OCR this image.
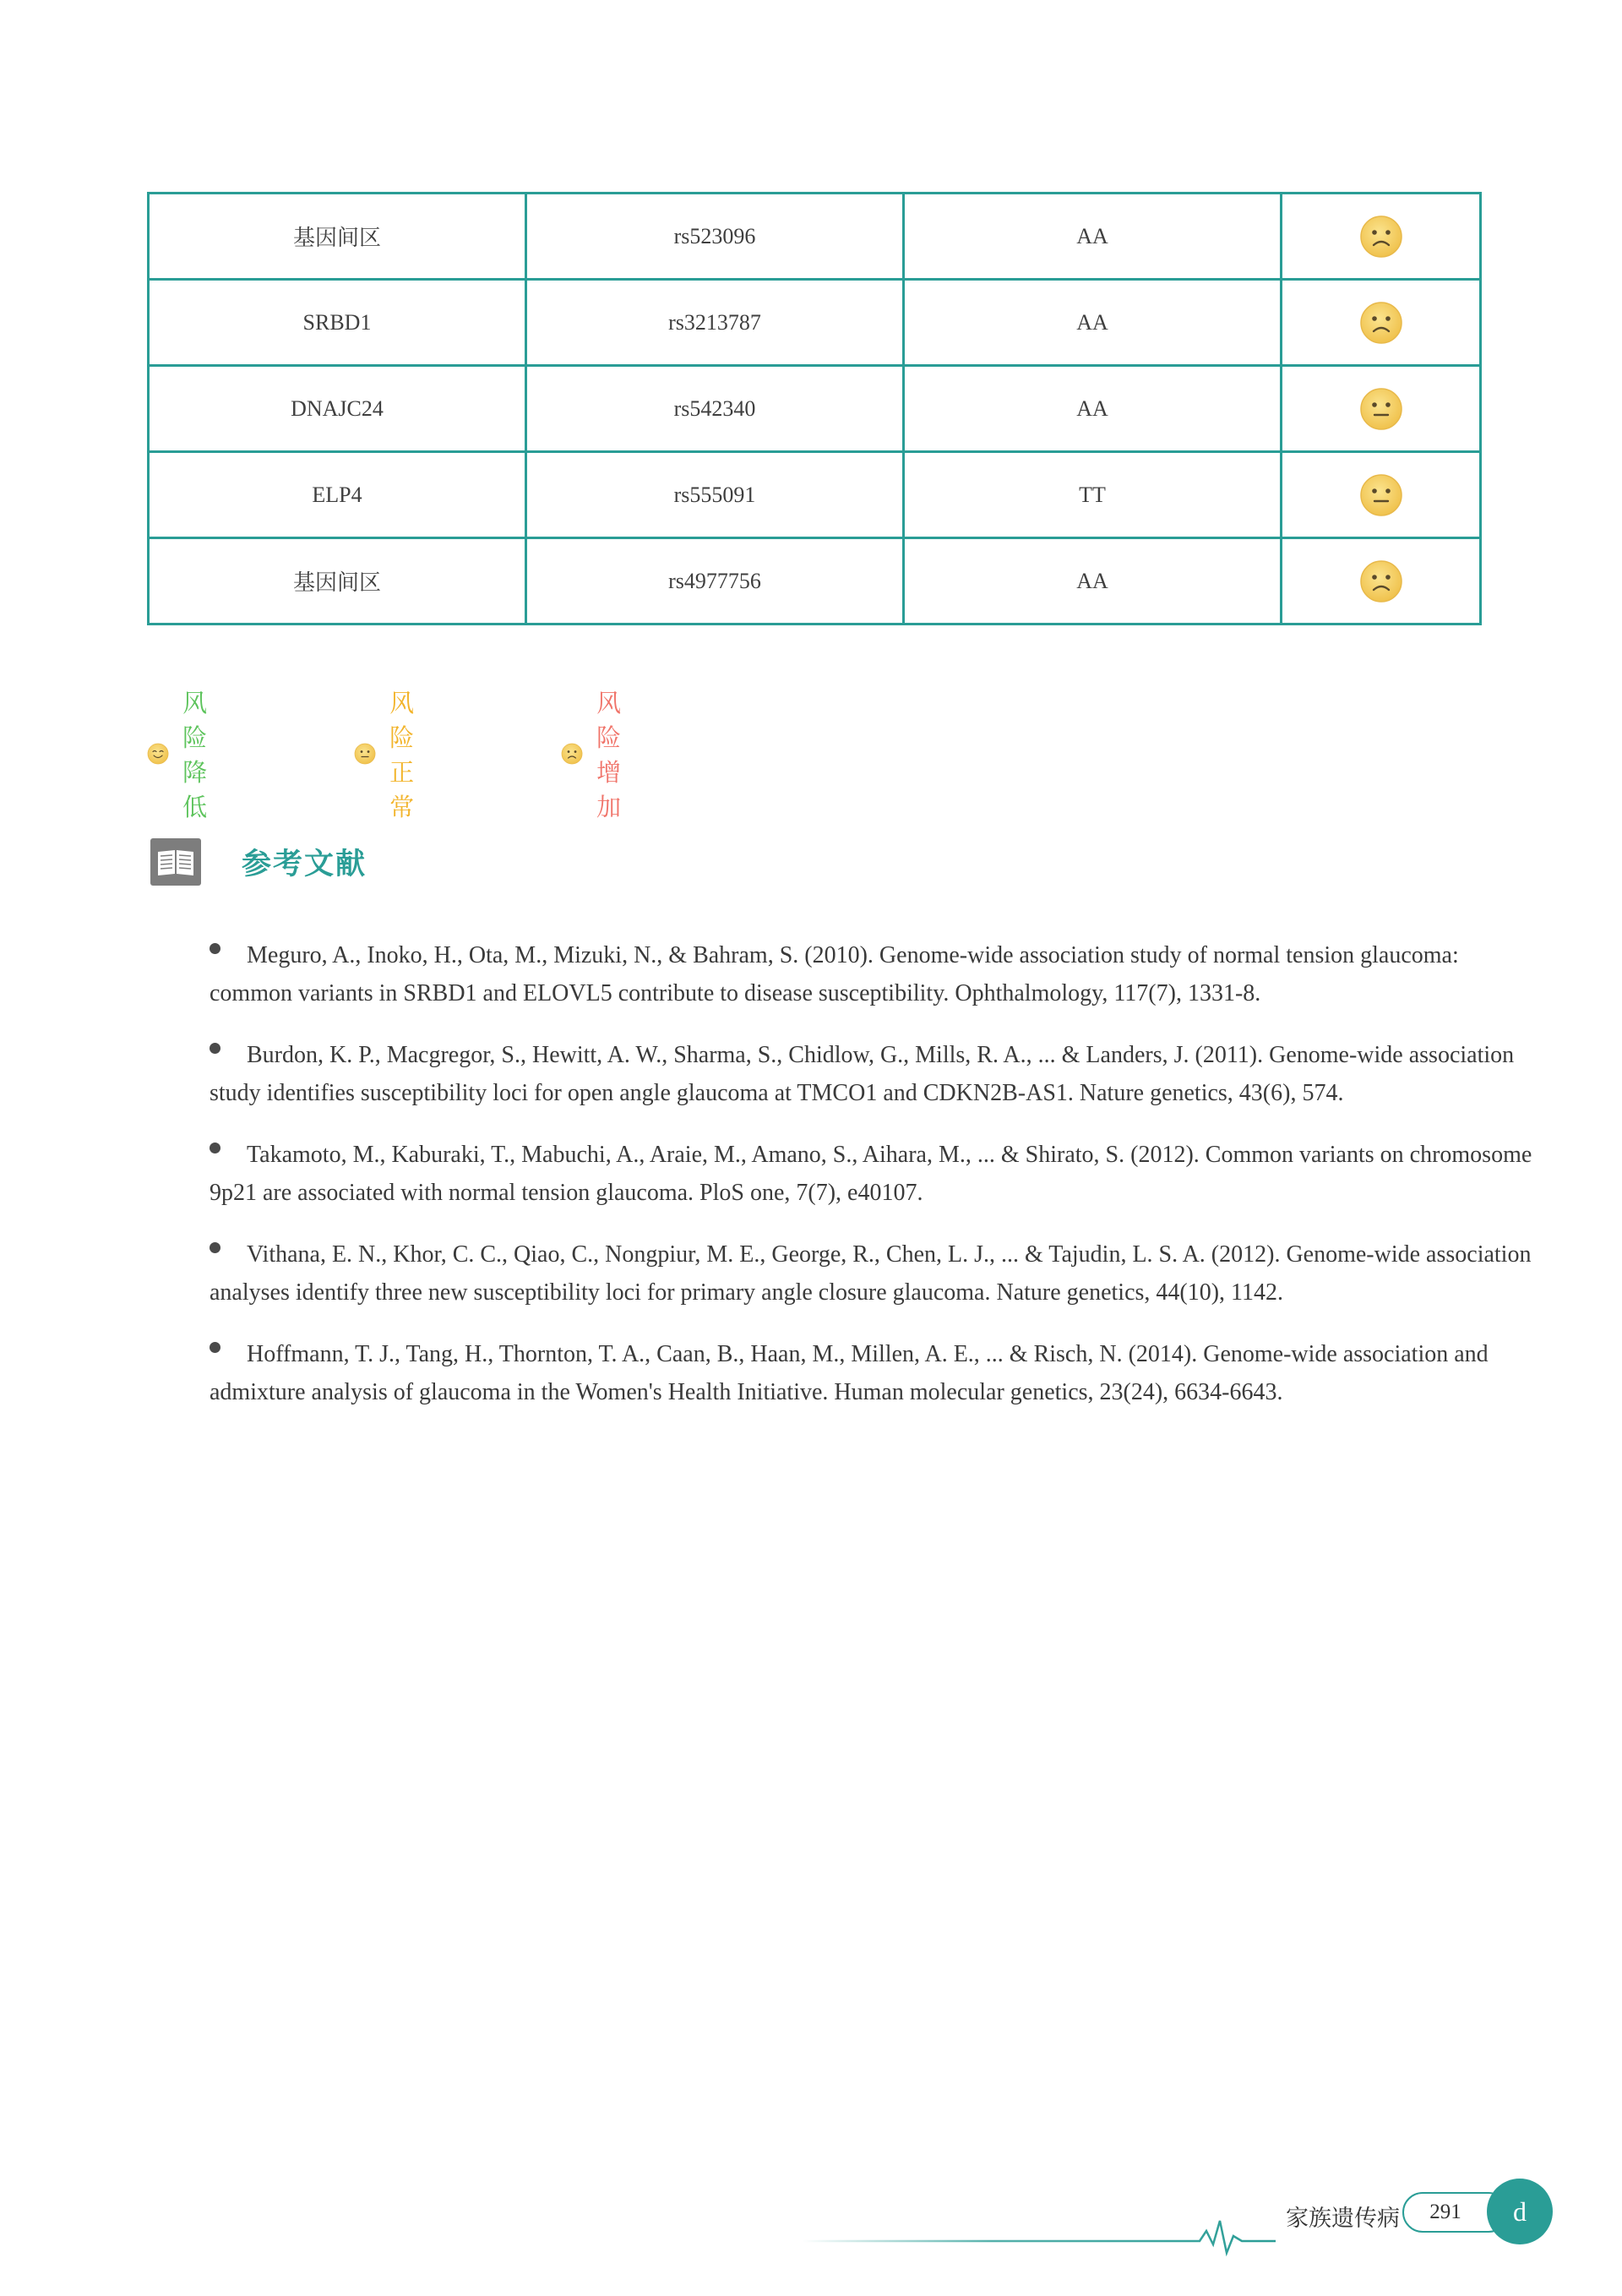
基因间区	rs523096	AA	
SRBD1	rs3213787	AA	
DNAJC24	rs542340	AA	
ELP4	rs555091	TT	
基因间区	rs4977756	AA	
风险降低
风险正常
风险增加
参考文献
Meguro, A., Inoko, H., Ota, M., Mizuki, N., & Bahram, S. (2010). Genome-wide association study of normal tension glaucoma: common variants in SRBD1 and ELOVL5 contribute to disease susceptibility. Ophthalmology, 117(7), 1331-8.
Burdon, K. P., Macgregor, S., Hewitt, A. W., Sharma, S., Chidlow, G., Mills, R. A., ... & Landers, J. (2011). Genome-wide association study identifies susceptibility loci for open angle glaucoma at TMCO1 and CDKN2B-AS1. Nature genetics, 43(6), 574.
Takamoto, M., Kaburaki, T., Mabuchi, A., Araie, M., Amano, S., Aihara, M., ... & Shirato, S. (2012). Common variants on chromosome 9p21 are associated with normal tension glaucoma. PloS one, 7(7), e40107.
Vithana, E. N., Khor, C. C., Qiao, C., Nongpiur, M. E., George, R., Chen, L. J., ... & Tajudin, L. S. A. (2012). Genome-wide association analyses identify three new susceptibility loci for primary angle closure glaucoma. Nature genetics, 44(10), 1142.
Hoffmann, T. J., Tang, H., Thornton, T. A., Caan, B., Haan, M., Millen, A. E., ... & Risch, N. (2014). Genome-wide association and admixture analysis of glaucoma in the Women's Health Initiative. Human molecular genetics, 23(24), 6634-6643.
家族遗传病	291	d
